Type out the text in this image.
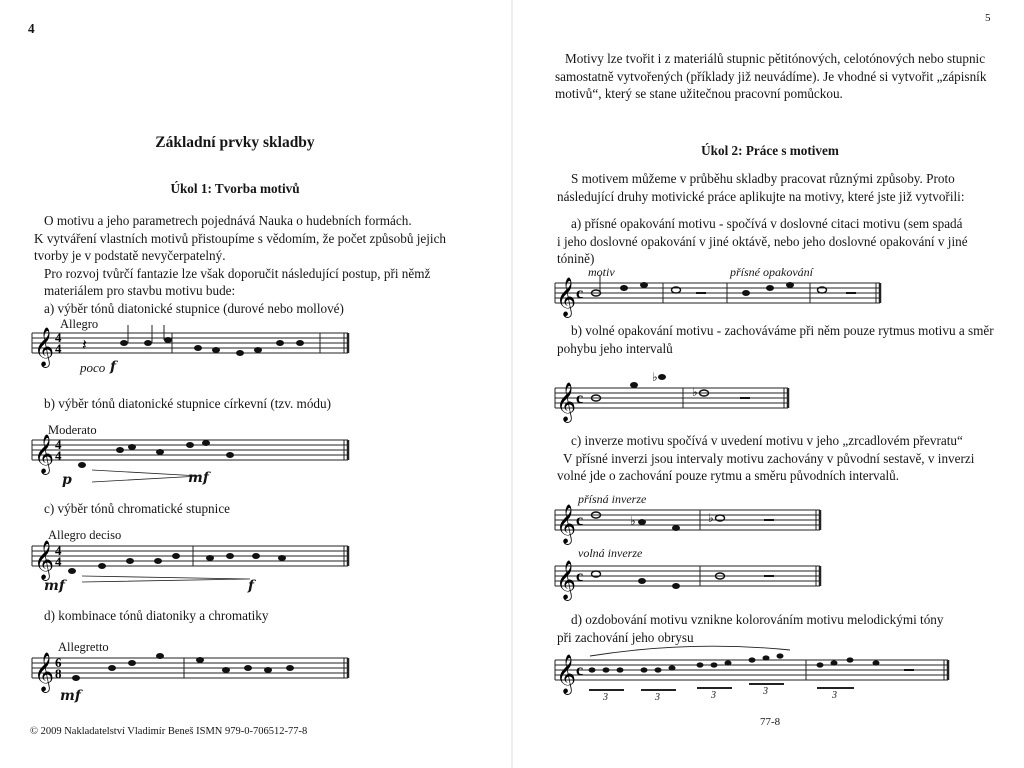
4
Základní prvky skladby
Úkol 1: Tvorba motivů
O motivu a jeho parametrech pojednává Nauka o hudebních formách.
K vytváření vlastních motivů přistoupíme s vědomím, že počet způsobů jejich
tvorby je v podstatě nevyčerpatelný.
Pro rozvoj tvůrčí fantazie lze však doporučit následující postup, při němž
materiálem pro stavbu motivu bude:
a) výběr tónů diatonické stupnice (durové nebo mollové)
Allegro
𝄞 4
4 𝄽
poco f
b) výběr tónů diatonické stupnice církevní (tzv. módu)
Moderato
𝄞 4
4
p	mf
c) výběr tónů chromatické stupnice
Allegro deciso
𝄞 4
4
mf	f
d) kombinace tónů diatoniky a chromatiky
Allegretto
𝄞 6
8
mf
© 2009 Nakladatelství Vladimír Beneš ISMN 979-0-706512-77-8
5
Motivy lze tvořit i z materiálů stupnic pětitónových, celotónových nebo stupnic
samostatně vytvořených (příklady již neuvádíme). Je vhodné si vytvořit „zápisník
motivů“, který se stane užitečnou pracovní pomůckou.
Úkol 2: Práce s motivem
S motivem můžeme v průběhu skladby pracovat různými způsoby. Proto
následující druhy motivické práce aplikujte na motivy, které jste již vytvořili:
a) přísné opakování motivu - spočívá v doslovné citaci motivu (sem spadá
i jeho doslovné opakování v jiné oktávě, nebo jeho doslovné opakování v jiné
tónině)
motiv	přísné opakování
𝄞 c
b) volné opakování motivu - zachováváme při něm pouze rytmus motivu a směr
pohybu jeho intervalů
𝄞 c
♭
♭
c) inverze motivu spočívá v uvedení motivu v jeho „zrcadlovém převratu“
V přísné inverzi jsou intervaly motivu zachovány v původní sestavě, v inverzi
volné jde o zachování pouze rytmu a směru původních intervalů.
přísná inverze
𝄞 c	♭	♭
volná inverze
𝄞 c
d) ozdobování motivu vznikne kolorováním motivu melodickými tóny
při zachování jeho obrysu
𝄞 c
3	3	3	3	3
77-8
